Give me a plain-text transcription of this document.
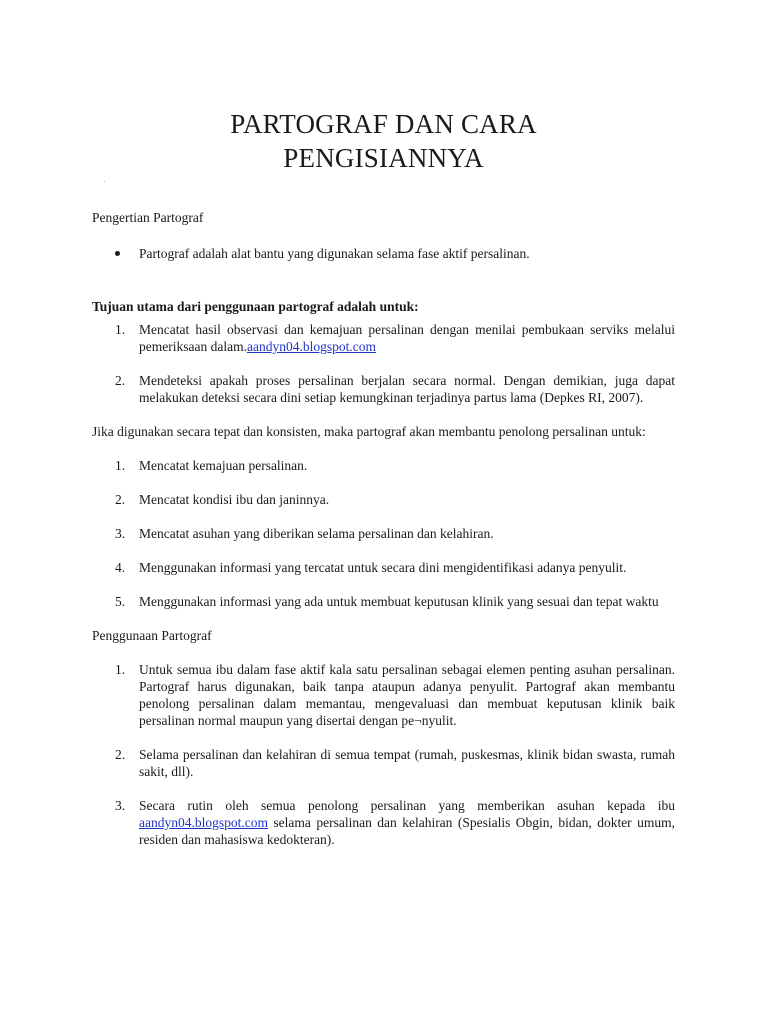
PARTOGRAF DAN CARA
PENGISIANNYA

Pengertian Partograf

Partograf adalah alat bantu yang digunakan selama fase aktif persalinan.

Tujuan utama dari penggunaan partograf adalah untuk:

1. Mencatat hasil observasi dan kemajuan persalinan dengan menilai pembukaan serviks melalui pemeriksaan dalam.aandyn04.blogspot.com
2. Mendeteksi apakah proses persalinan berjalan secara normal. Dengan demikian, juga dapat melakukan deteksi secara dini setiap kemungkinan terjadinya partus lama (Depkes RI, 2007).

Jika digunakan secara tepat dan konsisten, maka partograf akan membantu penolong persalinan untuk:

1. Mencatat kemajuan persalinan.
2. Mencatat kondisi ibu dan janinnya.
3. Mencatat asuhan yang diberikan selama persalinan dan kelahiran.
4. Menggunakan informasi yang tercatat untuk secara dini mengidentifikasi adanya penyulit.
5. Menggunakan informasi yang ada untuk membuat keputusan klinik yang sesuai dan tepat waktu

Penggunaan Partograf

1. Untuk semua ibu dalam fase aktif kala satu persalinan sebagai elemen penting asuhan persalinan. Partograf harus digunakan, baik tanpa ataupun adanya penyulit. Partograf akan membantu penolong persalinan dalam memantau, mengevaluasi dan membuat keputusan klinik baik persalinan normal maupun yang disertai dengan pe¬nyulit.
2. Selama persalinan dan kelahiran di semua tempat (rumah, puskesmas, klinik bidan swasta, rumah sakit, dll).
3. Secara rutin oleh semua penolong persalinan yang memberikan asuhan kepada ibu aandyn04.blogspot.com selama persalinan dan kelahiran (Spesialis Obgin, bidan, dokter umum, residen dan mahasiswa kedokteran).
